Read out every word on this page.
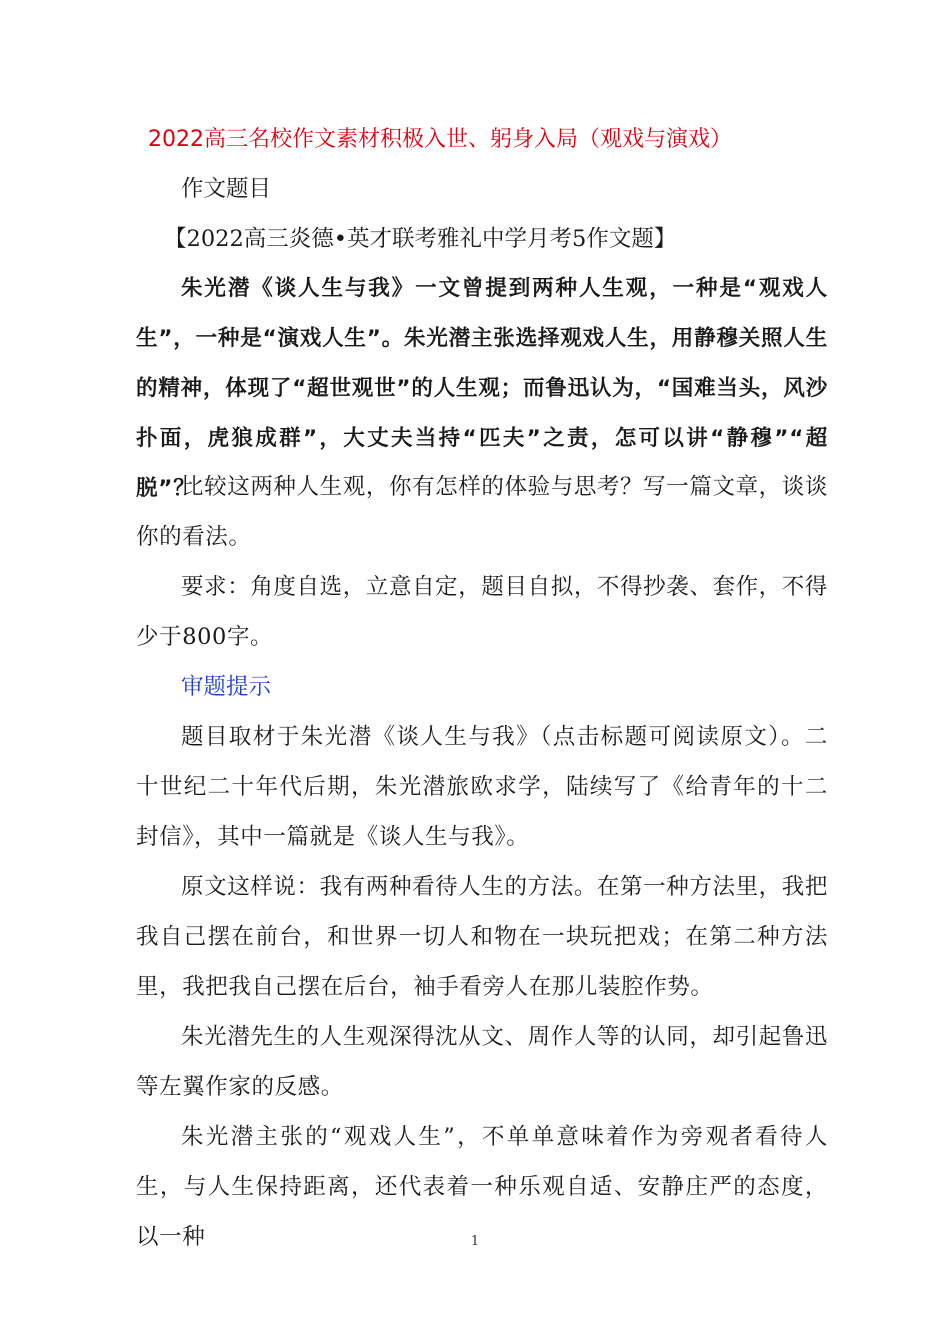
2022高三名校作文素材积极入世、躬身入局（观戏与演戏）

作文题目

【2022高三炎德•英才联考雅礼中学月考5作文题】

朱光潜《谈人生与我》一文曾提到两种人生观，一种是“观戏人生”，一种是“演戏人生”。朱光潜主张选择观戏人生，用静穆关照人生的精神，体现了“超世观世”的人生观；而鲁迅认为，“国难当头，风沙扑面，虎狼成群”，大丈夫当持“匹夫”之责，怎可以讲“静穆”“超脱”？

比较这两种人生观，你有怎样的体验与思考？写一篇文章，谈谈你的看法。

要求：角度自选，立意自定，题目自拟，不得抄袭、套作，不得少于800字。

审题提示

题目取材于朱光潜《谈人生与我》（点击标题可阅读原文）。二十世纪二十年代后期，朱光潜旅欧求学，陆续写了《给青年的十二封信》，其中一篇就是《谈人生与我》。

原文这样说：我有两种看待人生的方法。在第一种方法里，我把我自己摆在前台，和世界一切人和物在一块玩把戏；在第二种方法里，我把我自己摆在后台，袖手看旁人在那儿装腔作势。

朱光潜先生的人生观深得沈从文、周作人等的认同，却引起鲁迅等左翼作家的反感。

朱光潜主张的“观戏人生”，不单单意味着作为旁观者看待人生，与人生保持距离，还代表着一种乐观自适、安静庄严的态度，以一种	1
